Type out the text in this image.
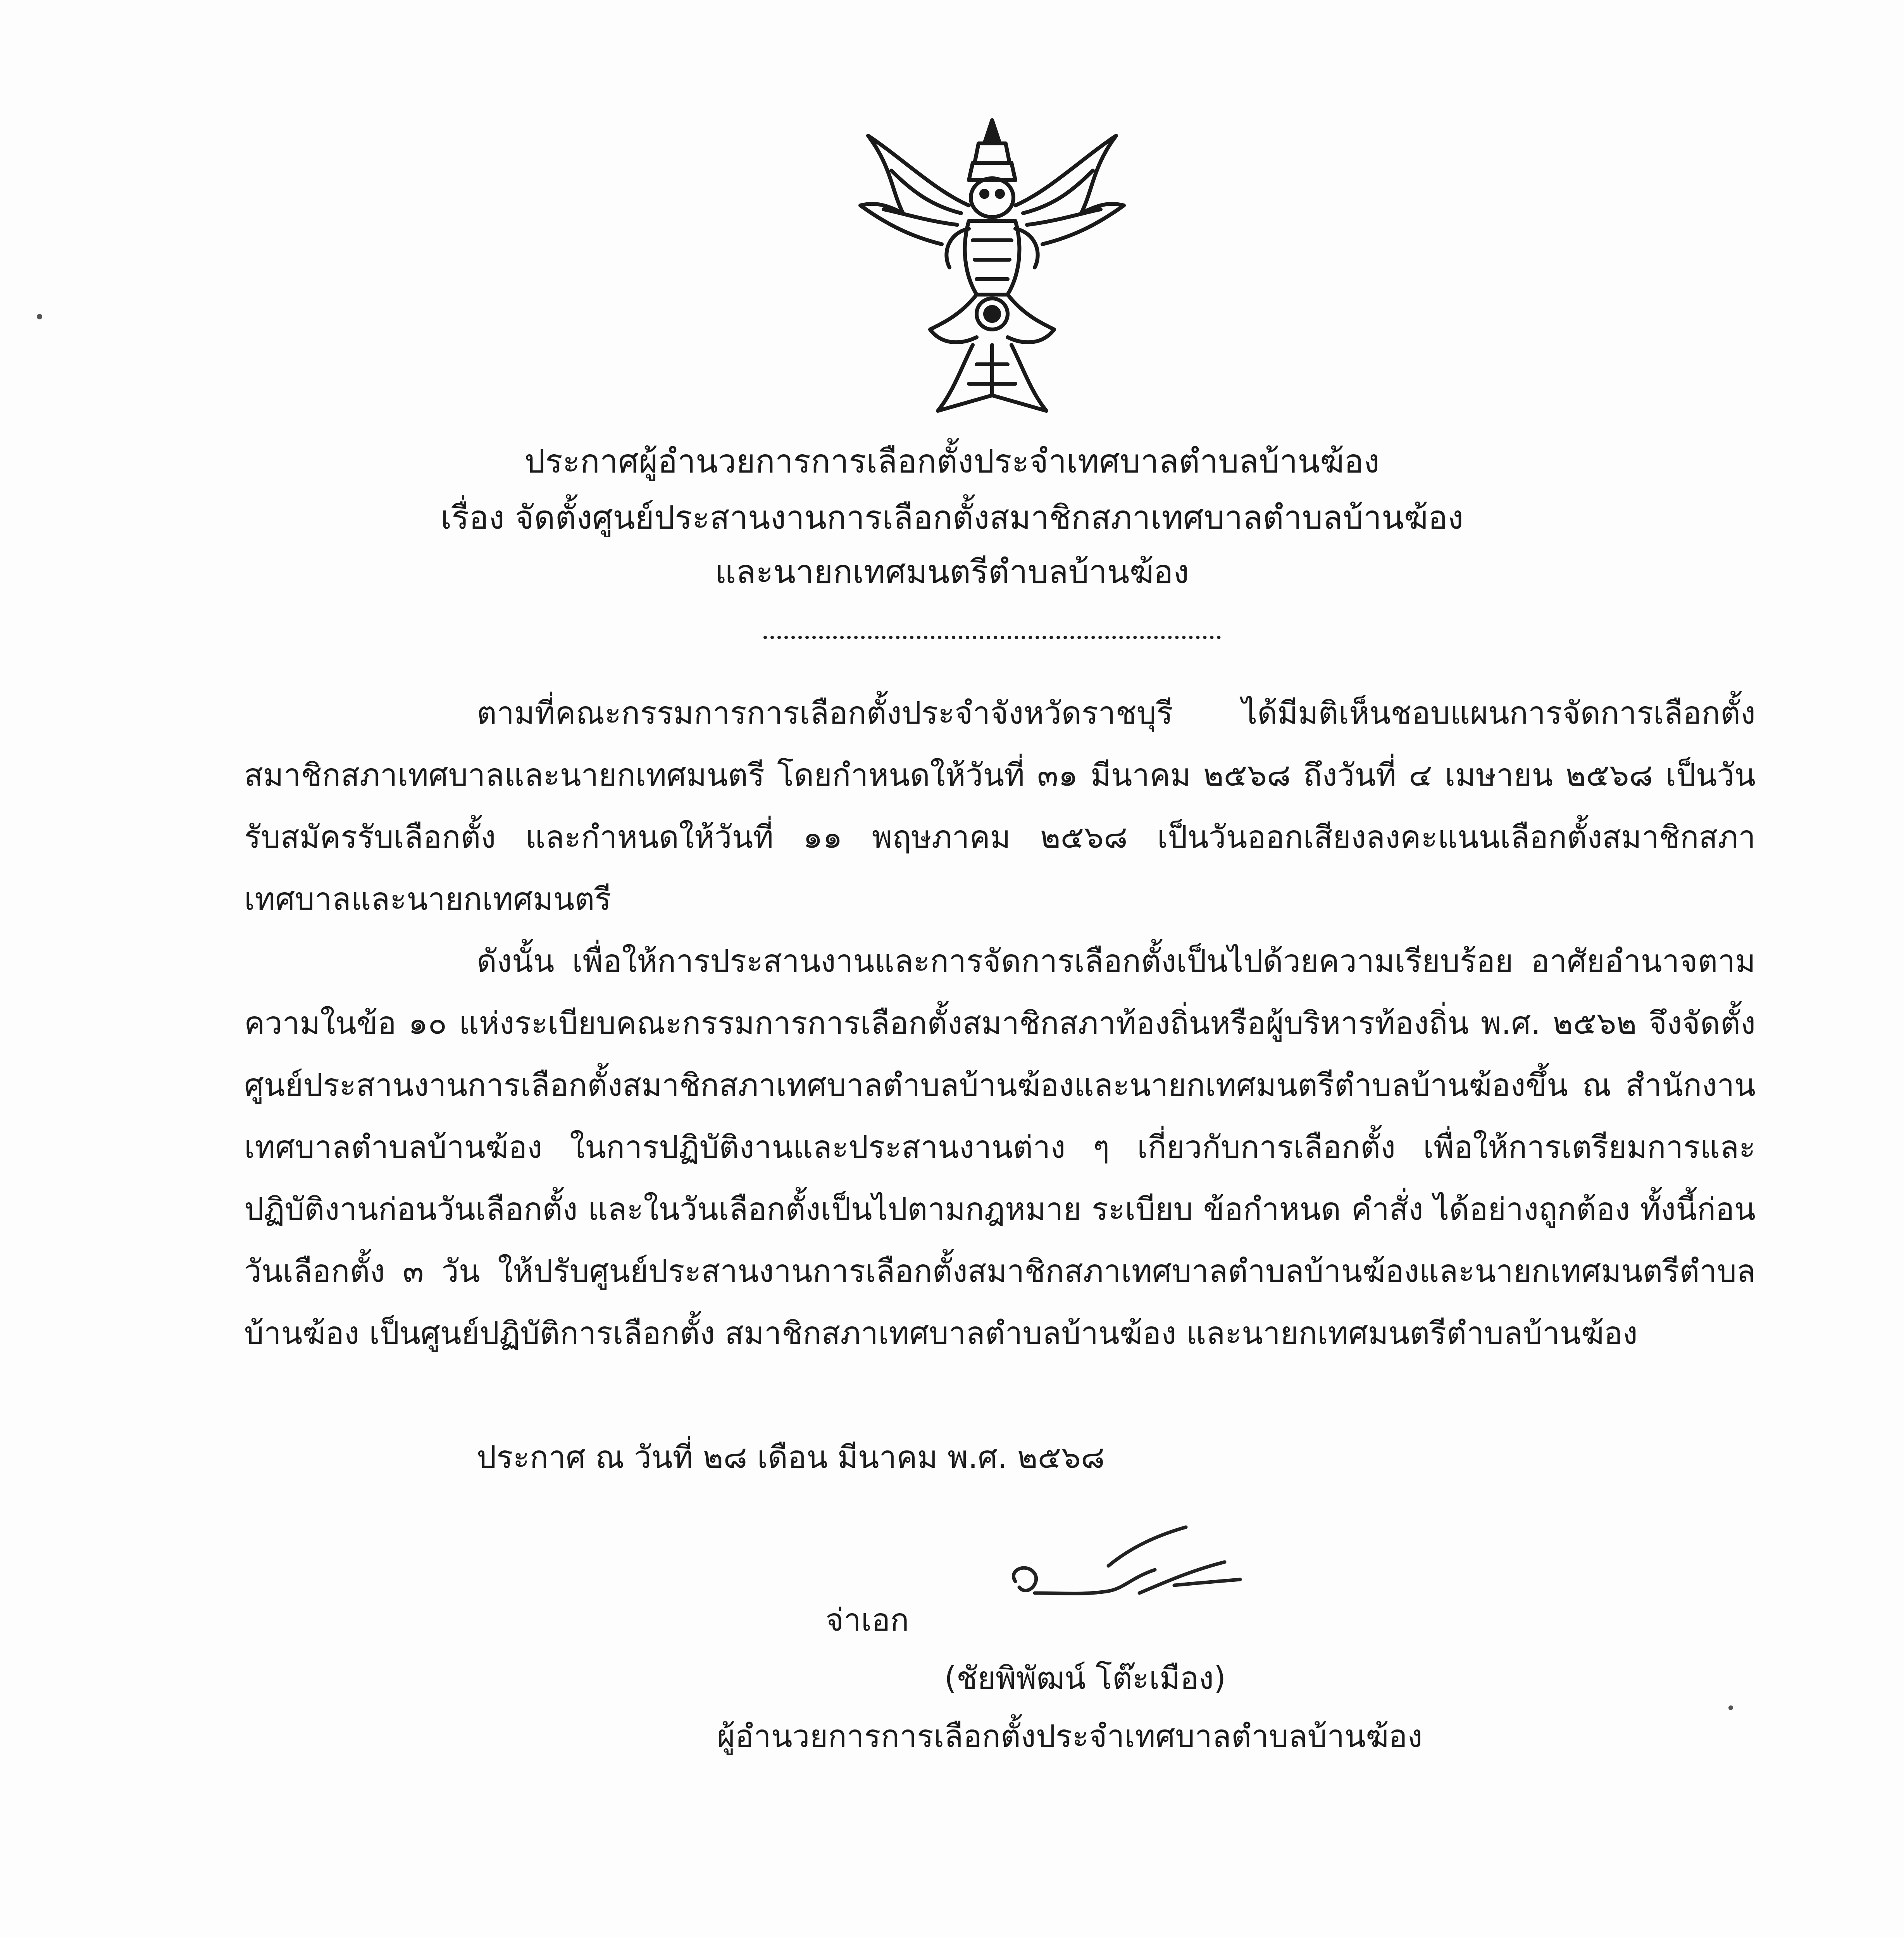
ประกาศผู้อำนวยการการเลือกตั้งประจำเทศบาลตำบลบ้านฆ้อง
เรื่อง จัดตั้งศูนย์ประสานงานการเลือกตั้งสมาชิกสภาเทศบาลตำบลบ้านฆ้อง
และนายกเทศมนตรีตำบลบ้านฆ้อง
ตามที่คณะกรรมการการเลือกตั้งประจำจังหวัดราชบุรี ได้มีมติเห็นชอบแผนการจัดการเลือกตั้งสมาชิกสภาเทศบาลและนายกเทศมนตรี โดยกำหนดให้วันที่ ๓๑ มีนาคม ๒๕๖๘ ถึงวันที่ ๔ เมษายน ๒๕๖๘ เป็นวันรับสมัครรับเลือกตั้ง และกำหนดให้วันที่ ๑๑ พฤษภาคม ๒๕๖๘ เป็นวันออกเสียงลงคะแนนเลือกตั้งสมาชิกสภาเทศบาลและนายกเทศมนตรี
ดังนั้น เพื่อให้การประสานงานและการจัดการเลือกตั้งเป็นไปด้วยความเรียบร้อย อาศัยอำนาจตามความในข้อ ๑๐ แห่งระเบียบคณะกรรมการการเลือกตั้งสมาชิกสภาท้องถิ่นหรือผู้บริหารท้องถิ่น พ.ศ. ๒๕๖๒ จึงจัดตั้งศูนย์ประสานงานการเลือกตั้งสมาชิกสภาเทศบาลตำบลบ้านฆ้องและนายกเทศมนตรีตำบลบ้านฆ้องขึ้น ณ สำนักงานเทศบาลตำบลบ้านฆ้อง ในการปฏิบัติงานและประสานงานต่าง ๆ เกี่ยวกับการเลือกตั้ง เพื่อให้การเตรียมการและปฏิบัติงานก่อนวันเลือกตั้ง และในวันเลือกตั้งเป็นไปตามกฎหมาย ระเบียบ ข้อกำหนด คำสั่ง ได้อย่างถูกต้อง ทั้งนี้ก่อนวันเลือกตั้ง ๓ วัน ให้ปรับศูนย์ประสานงานการเลือกตั้งสมาชิกสภาเทศบาลตำบลบ้านฆ้องและนายกเทศมนตรีตำบลบ้านฆ้อง เป็นศูนย์ปฏิบัติการเลือกตั้ง สมาชิกสภาเทศบาลตำบลบ้านฆ้อง และนายกเทศมนตรีตำบลบ้านฆ้อง
ประกาศ ณ วันที่ ๒๘ เดือน มีนาคม พ.ศ. ๒๕๖๘
จ่าเอก
(ชัยพิพัฒน์ โต๊ะเมือง)
ผู้อำนวยการการเลือกตั้งประจำเทศบาลตำบลบ้านฆ้อง
